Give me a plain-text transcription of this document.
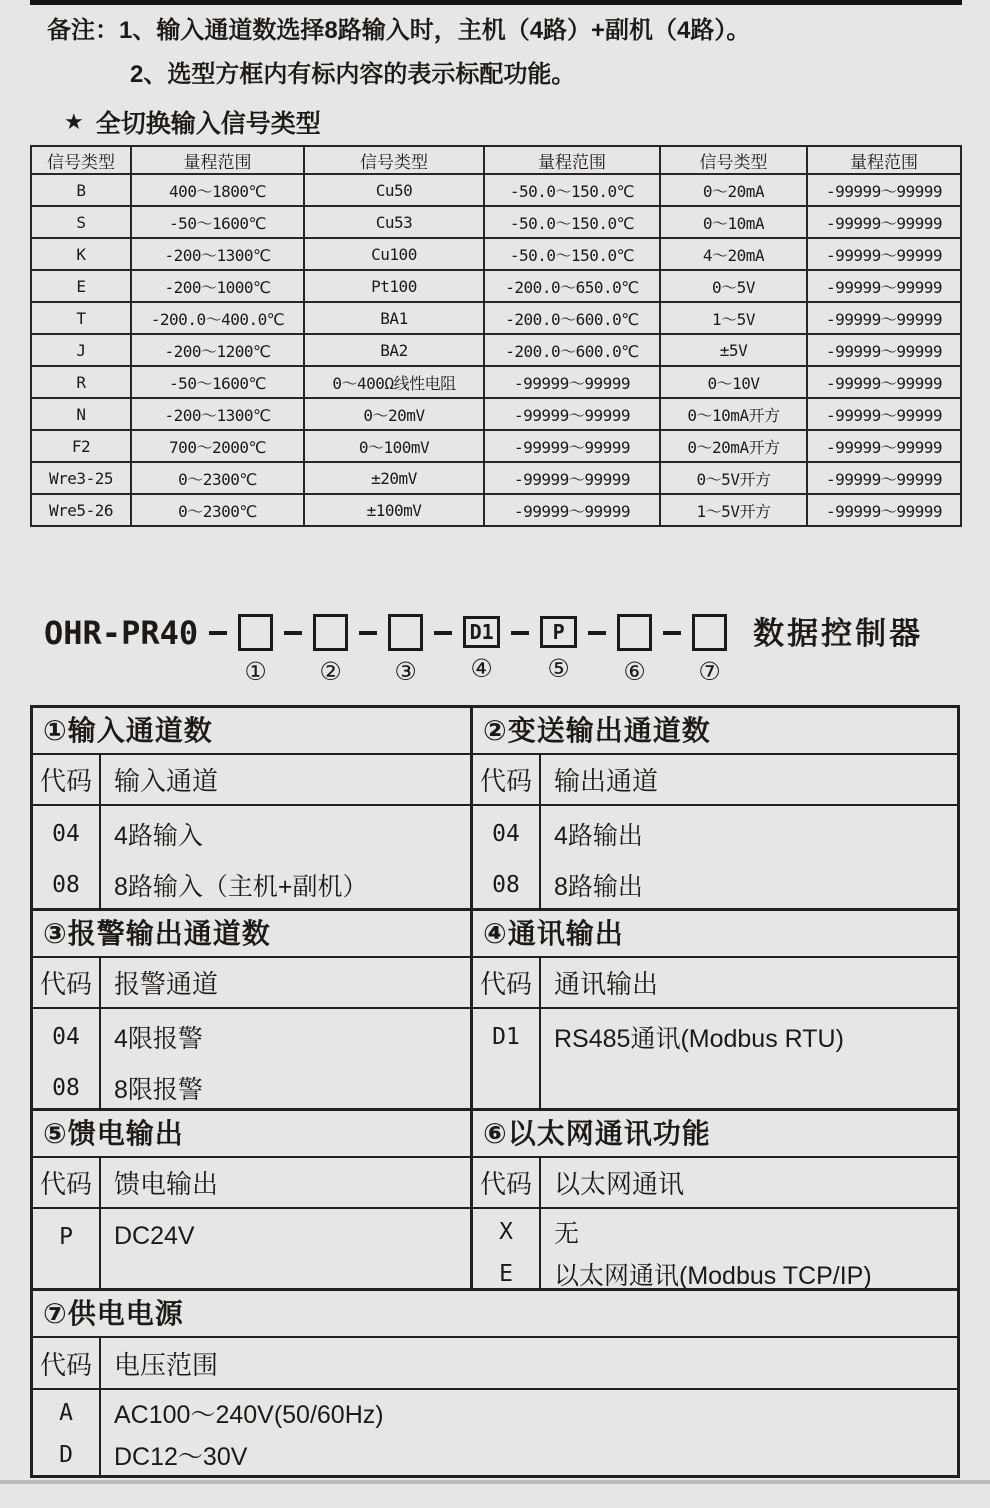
备注： 1、输入通道数选择8路输入时，主机（4路）+副机（4路）。
2、选型方框内有标内容的表示标配功能。
★ 全切换输入信号类型
信号类型	量程范围	信号类型	量程范围	信号类型	量程范围
B	400～1800℃	Cu50	-50.0～150.0℃	0～20mA	-99999～99999
S	-50～1600℃	Cu53	-50.0～150.0℃	0～10mA	-99999～99999
K	-200～1300℃	Cu100	-50.0～150.0℃	4～20mA	-99999～99999
E	-200～1000℃	Pt100	-200.0～650.0℃	0～5V	-99999～99999
T	-200.0～400.0℃	BA1	-200.0～600.0℃	1～5V	-99999～99999
J	-200～1200℃	BA2	-200.0～600.0℃	±5V	-99999～99999
R	-50～1600℃	0～400Ω线性电阻	-99999～99999	0～10V	-99999～99999
N	-200～1300℃	0～20mV	-99999～99999	0～10mA开方	-99999～99999
F2	700～2000℃	0～100mV	-99999～99999	0～20mA开方	-99999～99999
Wre3-25	0～2300℃	±20mV	-99999～99999	0～5V开方	-99999～99999
Wre5-26	0～2300℃	±100mV	-99999～99999	1～5V开方	-99999～99999
OHR-PR40
① ② ③
D1
④
P
⑤ ⑥ ⑦
数据控制器
①输入通道数
代码 输入通道
04	4路输入
08	8路输入（主机+副机）
②变送输出通道数
代码 输出通道
04	4路输出
08	8路输出
③报警输出通道数
代码 报警通道
04	4限报警
08	8限报警
④通讯输出
代码 通讯输出
D1	RS485通讯(Modbus RTU)
⑤馈电输出
代码 馈电输出
P	DC24V
⑥以太网通讯功能
代码 以太网通讯
X	无
E	以太网通讯(Modbus TCP/IP)
⑦供电电源
代码 电压范围
A	AC100～240V(50/60Hz)
D	DC12～30V
